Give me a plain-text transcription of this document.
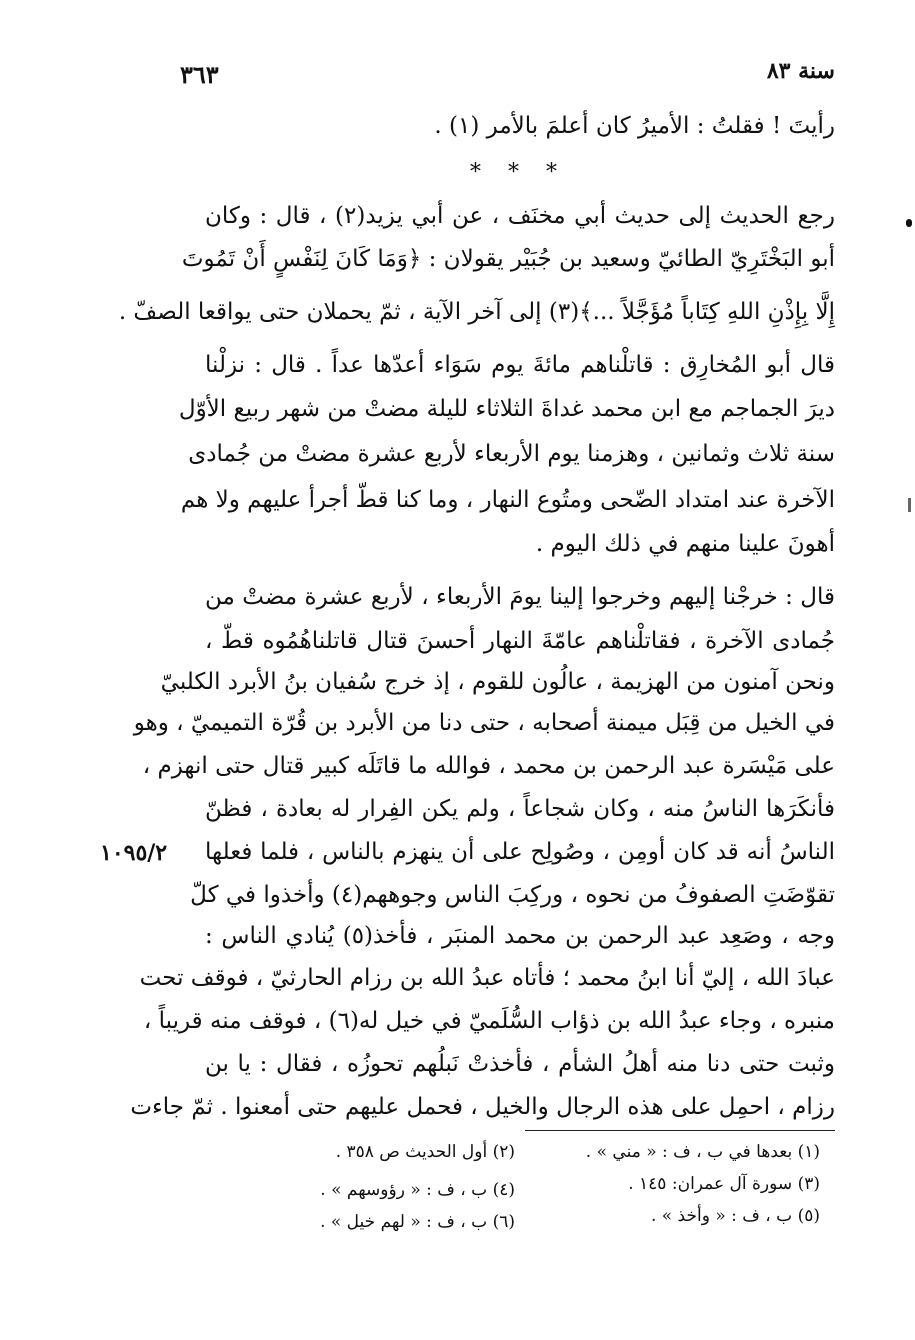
٣٦٣	سنة ٨٣
رأيتَ ! فقلتُ : الأميرُ كان أعلمَ بالأمر (١) .
* * *
رجع الحديث إلى حديث أبي مخنَف ، عن أبي يزيد(٢) ، قال : وكان
أبو البَخْتَرِيّ الطائيّ وسعيد بن جُبَيْر يقولان : ﴿وَمَا كَانَ لِنَفْسٍ أَنْ تَمُوتَ
إِلَّا بِإِذْنِ اللهِ كِتَاباً مُؤَجَّلاً ...﴾(٣) إلى آخر الآية ، ثمّ يحملان حتى يواقعا الصفّ .
قال أبو المُخارِق : قاتلْناهم مائةَ يوم سَوَاء أعدّها عداً . قال : نزلْنا
ديرَ الجماجم مع ابن محمد غداةَ الثلاثاء لليلة مضتْ من شهر ربيع الأوّل
سنة ثلاث وثمانين ، وهزمنا يوم الأربعاء لأربع عشرة مضتْ من جُمادى
الآخرة عند امتداد الضّحى ومتُوع النهار ، وما كنا قطّ أجرأ عليهم ولا هم
أهونَ علينا منهم في ذلك اليوم .
قال : خرجْنا إليهم وخرجوا إلينا يومَ الأربعاء ، لأربع عشرة مضتْ من
جُمادى الآخرة ، فقاتلْناهم عامّةَ النهار أحسنَ قتال قاتلناهُمُوه قطّ ،
ونحن آمنون من الهزيمة ، عالُون للقوم ، إذ خرج سُفيان بنُ الأبرد الكلبيّ
في الخيل من قِبَل ميمنة أصحابه ، حتى دنا من الأبرد بن قُرّة التميميّ ، وهو
على مَيْسَرة عبد الرحمن بن محمد ، فوالله ما قاتَلَه كبير قتال حتى انهزم ،
فأنكَرَها الناسُ منه ، وكان شجاعاً ، ولم يكن الفِرار له بعادة ، فظنّ
الناسُ أنه قد كان أومِن ، وصُولِح على أن ينهزم بالناس ، فلما فعلها
تقوّضَتِ الصفوفُ من نحوه ، وركِبَ الناس وجوههم(٤) وأخذوا في كلّ
وجه ، وصَعِد عبد الرحمن بن محمد المنبَر ، فأخذ(٥) يُنادي الناس :
عبادَ الله ، إليّ أنا ابنُ محمد ؛ فأتاه عبدُ الله بن رزام الحارثيّ ، فوقف تحت
منبره ، وجاء عبدُ الله بن ذؤاب السُّلَميّ في خيل له(٦) ، فوقف منه قريباً ،
وثبت حتى دنا منه أهلُ الشأم ، فأخذتْ نَبلُهم تحوزُه ، فقال : يا بن
رزام ، احمِل على هذه الرجال والخيل ، فحمل عليهم حتى أمعنوا . ثمّ جاءت
١٠٩٥/٢
(١) بعدها في ب ، ف : « مني » .
(٢) أول الحديث ص ٣٥٨ .
(٣) سورة آل عمران: ١٤٥ .
(٤) ب ، ف : « رؤوسهم » .
(٥) ب ، ف : « وأخذ » .
(٦) ب ، ف : « لهم خيل » .
